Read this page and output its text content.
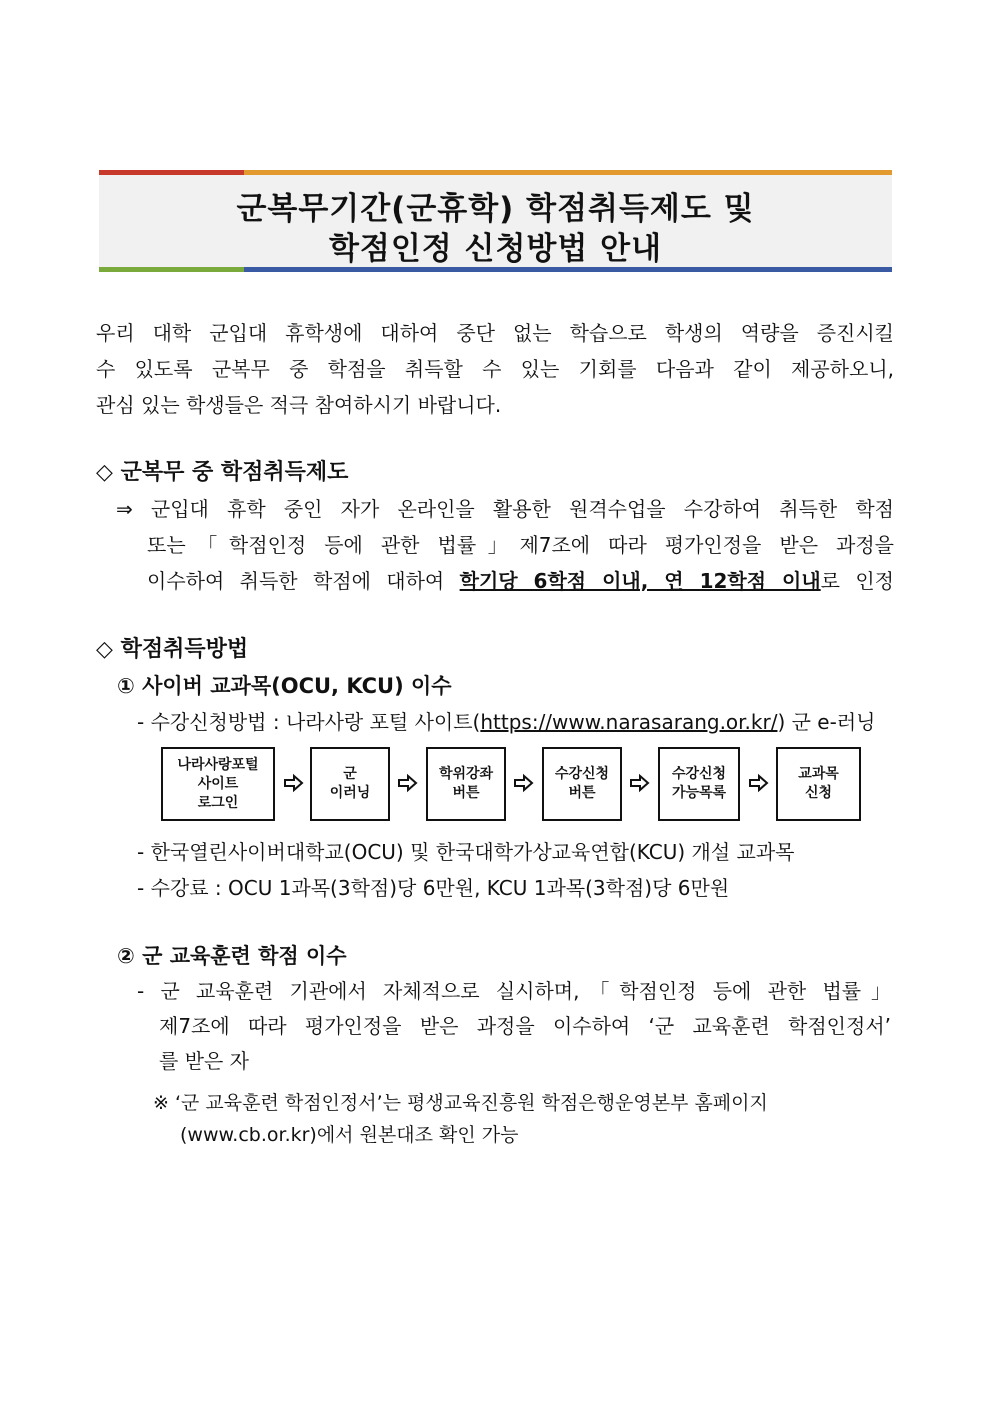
군복무기간(군휴학) 학점취득제도 및
학점인정 신청방법 안내
우리 대학 군입대 휴학생에 대하여 중단 없는 학습으로 학생의 역량을 증진시킬
수 있도록 군복무 중 학점을 취득할 수 있는 기회를 다음과 같이 제공하오니,
관심 있는 학생들은 적극 참여하시기 바랍니다.
◇ 군복무 중 학점취득제도
⇒ 군입대 휴학 중인 자가 온라인을 활용한 원격수업을 수강하여 취득한 학점
또는「학점인정 등에 관한 법률」제7조에 따라 평가인정을 받은 과정을
이수하여 취득한 학점에 대하여 학기당 6학점 이내, 연 12학점 이내로 인정
◇ 학점취득방법
① 사이버 교과목(OCU, KCU) 이수
- 수강신청방법 : 나라사랑 포털 사이트(https://www.narasarang.or.kr/) 군 e-러닝
나라사랑포털
사이트
로그인
군
이러닝
학위강좌
버튼
수강신청
버튼
수강신청
가능목록
교과목
신청
- 한국열린사이버대학교(OCU) 및 한국대학가상교육연합(KCU) 개설 교과목
- 수강료 : OCU 1과목(3학점)당 6만원, KCU 1과목(3학점)당 6만원
② 군 교육훈련 학점 이수
- 군 교육훈련 기관에서 자체적으로 실시하며,「학점인정 등에 관한 법률」
제7조에 따라 평가인정을 받은 과정을 이수하여 ‘군 교육훈련 학점인정서’
를 받은 자
※ ‘군 교육훈련 학점인정서’는 평생교육진흥원 학점은행운영본부 홈페이지
(www.cb.or.kr)에서 원본대조 확인 가능
